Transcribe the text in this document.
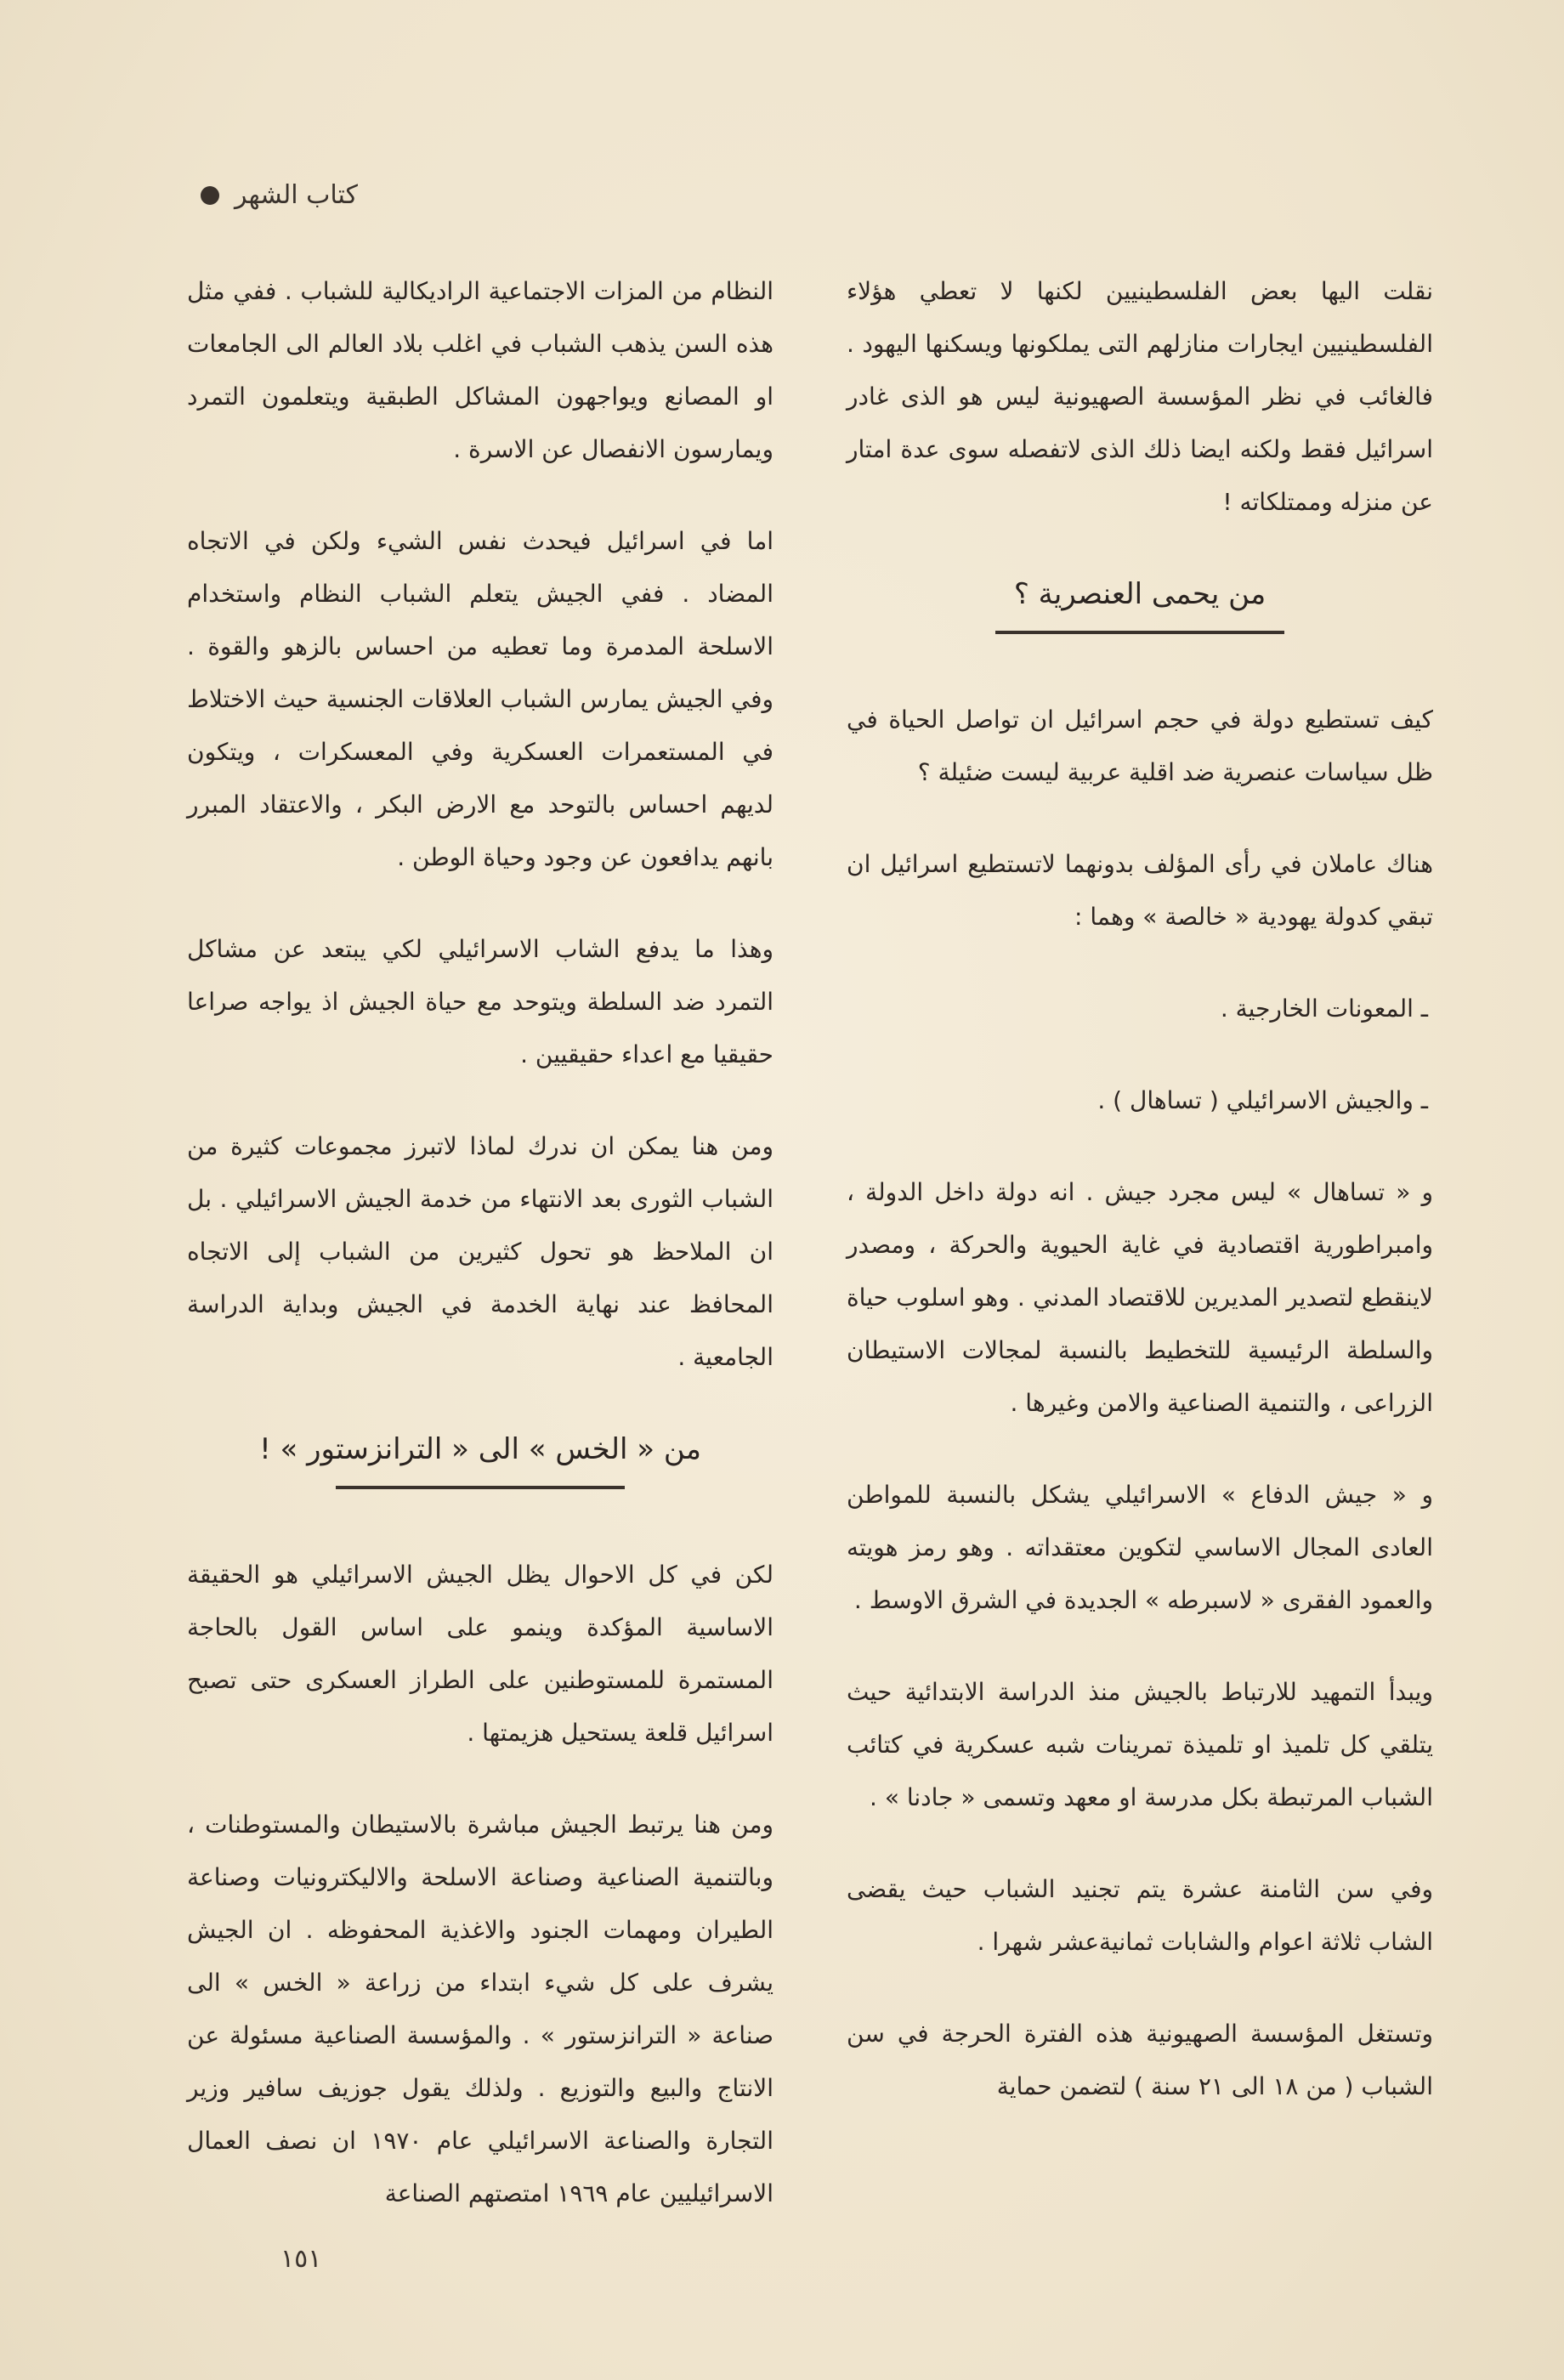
كتاب الشهر

نقلت اليها بعض الفلسطينيين لكنها لا تعطي هؤلاء الفلسطينيين ايجارات منازلهم التى يملكونها ويسكنها اليهود . فالغائب في نظر المؤسسة الصهيونية ليس هو الذى غادر اسرائيل فقط ولكنه ايضا ذلك الذى لاتفصله سوى عدة امتار عن منزله وممتلكاته !

من يحمى العنصرية ؟

كيف تستطيع دولة في حجم اسرائيل ان تواصل الحياة في ظل سياسات عنصرية ضد اقلية عربية ليست ضئيلة ؟

هناك عاملان في رأى المؤلف بدونهما لاتستطيع اسرائيل ان تبقي كدولة يهودية « خالصة » وهما :

ـ المعونات الخارجية .

ـ والجيش الاسرائيلي ( تساهال ) .

و « تساهال » ليس مجرد جيش . انه دولة داخل الدولة ، وامبراطورية اقتصادية في غاية الحيوية والحركة ، ومصدر لاينقطع لتصدير المديرين للاقتصاد المدني . وهو اسلوب حياة والسلطة الرئيسية للتخطيط بالنسبة لمجالات الاستيطان الزراعى ، والتنمية الصناعية والامن وغيرها .

و « جيش الدفاع » الاسرائيلي يشكل بالنسبة للمواطن العادى المجال الاساسي لتكوين معتقداته . وهو رمز هويته والعمود الفقرى « لاسبرطه » الجديدة في الشرق الاوسط .

ويبدأ التمهيد للارتباط بالجيش منذ الدراسة الابتدائية حيث يتلقي كل تلميذ او تلميذة تمرينات شبه عسكرية في كتائب الشباب المرتبطة بكل مدرسة او معهد وتسمى « جادنا » .

وفي سن الثامنة عشرة يتم تجنيد الشباب حيث يقضى الشاب ثلاثة اعوام والشابات ثمانيةعشر شهرا .

وتستغل المؤسسة الصهيونية هذه الفترة الحرجة في سن الشباب ( من ١٨ الى ٢١ سنة ) لتضمن حماية

النظام من المزات الاجتماعية الراديكالية للشباب . ففي مثل هذه السن يذهب الشباب في اغلب بلاد العالم الى الجامعات او المصانع ويواجهون المشاكل الطبقية ويتعلمون التمرد ويمارسون الانفصال عن الاسرة .

اما في اسرائيل فيحدث نفس الشيء ولكن في الاتجاه المضاد . ففي الجيش يتعلم الشباب النظام واستخدام الاسلحة المدمرة وما تعطيه من احساس بالزهو والقوة . وفي الجيش يمارس الشباب العلاقات الجنسية حيث الاختلاط في المستعمرات العسكرية وفي المعسكرات ، ويتكون لديهم احساس بالتوحد مع الارض البكر ، والاعتقاد المبرر بانهم يدافعون عن وجود وحياة الوطن .

وهذا ما يدفع الشاب الاسرائيلي لكي يبتعد عن مشاكل التمرد ضد السلطة ويتوحد مع حياة الجيش اذ يواجه صراعا حقيقيا مع اعداء حقيقيين .

ومن هنا يمكن ان ندرك لماذا لاتبرز مجموعات كثيرة من الشباب الثورى بعد الانتهاء من خدمة الجيش الاسرائيلي . بل ان الملاحظ هو تحول كثيرين من الشباب إلى الاتجاه المحافظ عند نهاية الخدمة في الجيش وبداية الدراسة الجامعية .

من « الخس » الى « الترانزستور » !

لكن في كل الاحوال يظل الجيش الاسرائيلي هو الحقيقة الاساسية المؤكدة وينمو على اساس القول بالحاجة المستمرة للمستوطنين على الطراز العسكرى حتى تصبح اسرائيل قلعة يستحيل هزيمتها .

ومن هنا يرتبط الجيش مباشرة بالاستيطان والمستوطنات ، وبالتنمية الصناعية وصناعة الاسلحة والاليكترونيات وصناعة الطيران ومهمات الجنود والاغذية المحفوظه . ان الجيش يشرف على كل شيء ابتداء من زراعة « الخس » الى صناعة « الترانزستور » . والمؤسسة الصناعية مسئولة عن الانتاج والبيع والتوزيع . ولذلك يقول جوزيف سافير وزير التجارة والصناعة الاسرائيلي عام ١٩٧٠ ان نصف العمال الاسرائيليين عام ١٩٦٩ امتصتهم الصناعة

١٥١
